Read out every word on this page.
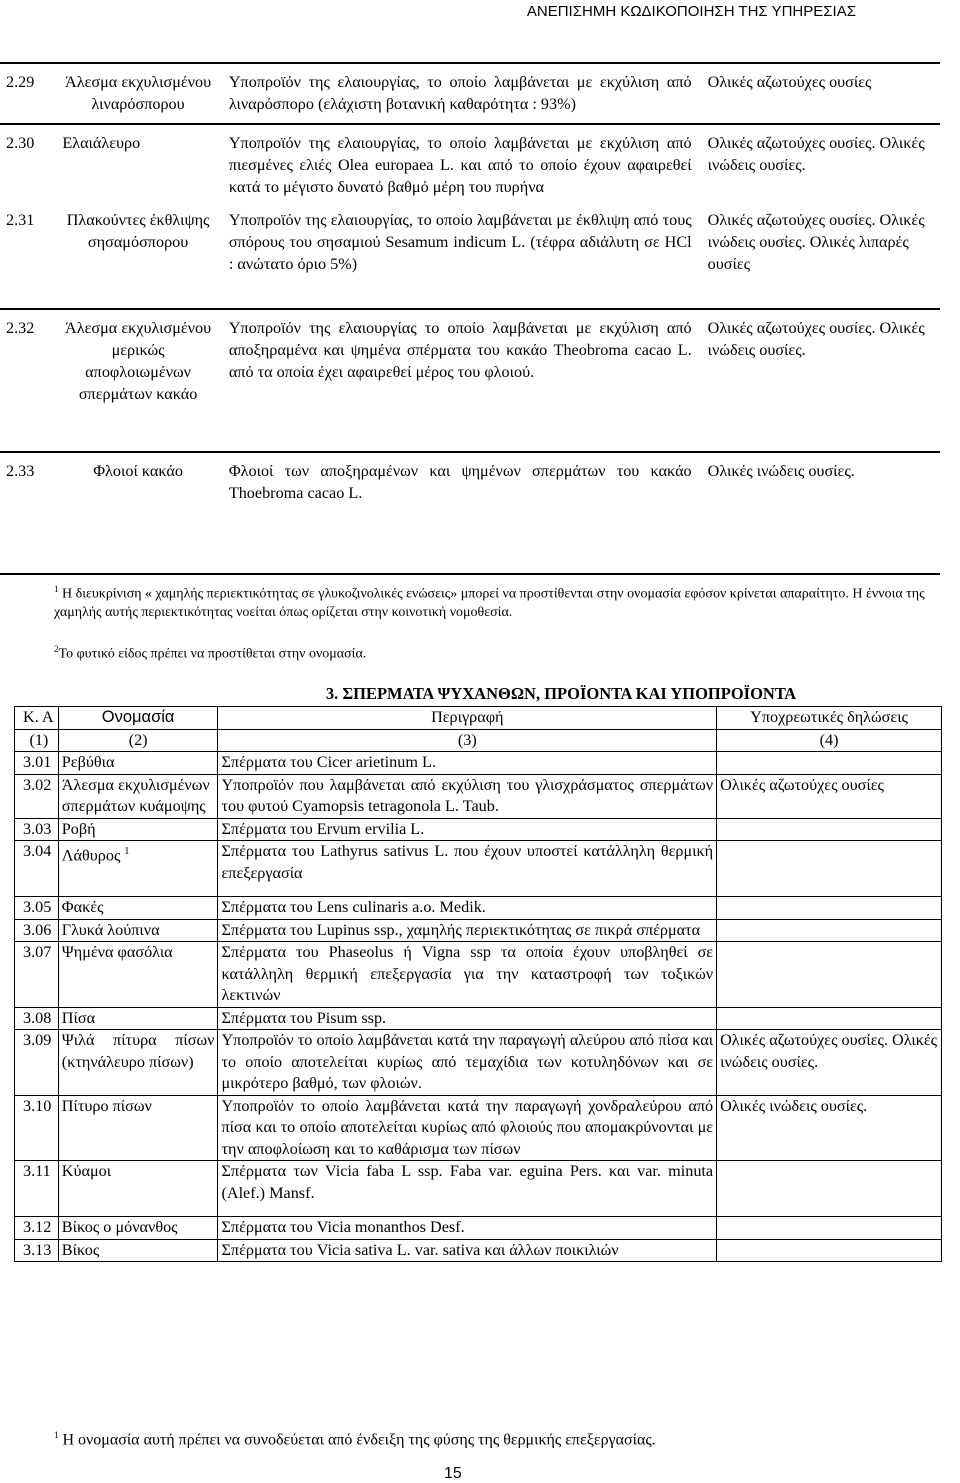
ΑΝΕΠΙΣΗΜΗ ΚΩΔΙΚΟΠΟΙΗΣΗ ΤΗΣ ΥΠΗΡΕΣΙΑΣ
2.29	Άλεσμα εκχυλισμένου λιναρόσπορου	Υποπροϊόν της ελαιουργίας, το οποίο λαμβάνεται με εκχύλιση από λιναρόσπορο (ελάχιστη βοτανική καθαρότητα : 93%)	Ολικές αζωτούχες ουσίες
2.30	Ελαιάλευρο	Υποπροϊόν της ελαιουργίας, το οποίο λαμβάνεται με εκχύλιση από πιεσμένες ελιές Olea europaea L. και από το οποίο έχουν αφαιρεθεί κατά το μέγιστο δυνατό βαθμό μέρη του πυρήνα	Ολικές αζωτούχες ουσίες. Ολικές ινώδεις ουσίες.
2.31	Πλακούντες έκθλιψης σησαμόσπορου	Υποπροϊόν της ελαιουργίας, το οποίο λαμβάνεται με έκθλιψη από τους σπόρους του σησαμιού Sesamum indicum L. (τέφρα αδιάλυτη σε HCl : ανώτατο όριο 5%)	Ολικές αζωτούχες ουσίες. Ολικές ινώδεις ουσίες. Ολικές λιπαρές ουσίες

2.32	Άλεσμα εκχυλισμένου μερικώς αποφλοιωμένων σπερμάτων κακάο	Υποπροϊόν της ελαιουργίας το οποίο λαμβάνεται με εκχύλιση από αποξηραμένα και ψημένα σπέρματα του κακάο Theobroma cacao L. από τα οποία έχει αφαιρεθεί μέρος του φλοιού.	Ολικές αζωτούχες ουσίες. Ολικές ινώδεις ουσίες.

2.33	Φλοιοί κακάο	Φλοιοί των αποξηραμένων και ψημένων σπερμάτων του κακάο Thoebroma cacao L.	Ολικές ινώδεις ουσίες.
$^1$ Η διευκρίνιση « χαμηλής περιεκτικότητας σε γλυκοζινολικές ενώσεις» μπορεί να προστίθενται στην ονομασία εφόσον κρίνεται απαραίτητο. Η έννοια της χαμηλής αυτής περιεκτικότητας νοείται όπως ορίζεται στην κοινοτική νομοθεσία.
$^2$Το φυτικό είδος πρέπει να προστίθεται στην ονομασία.
3. ΣΠΕΡΜΑΤΑ ΨΥΧΑΝΘΩΝ, ΠΡΟΪΟΝΤΑ ΚΑΙ ΥΠΟΠΡΟΪΟΝΤΑ
Κ. Α	Ονομασία	Περιγραφή	Υποχρεωτικές δηλώσεις
(1)	(2)	(3)	(4)
3.01	Ρεβύθια	Σπέρματα του Cicer arietinum L.	
3.02	Άλεσμα εκχυλισμένων σπερμάτων κυάμοψης	Υποπροϊόν που λαμβάνεται από εκχύλιση του γλισχράσματος σπερμάτων του φυτού Cyamopsis tetragonola L. Taub.	Ολικές αζωτούχες ουσίες
3.03	Ροβή	Σπέρματα του Ervum ervilia L.	
3.04	Λάθυρος $^1$	Σπέρματα του Lathyrus sativus L. που έχουν υποστεί κατάλληλη θερμική επεξεργασία	
3.05	Φακές	Σπέρματα του Lens culinaris a.o. Medik.	
3.06	Γλυκά λούπινα	Σπέρματα του Lupinus ssp., χαμηλής περιεκτικότητας σε πικρά σπέρματα	
3.07	Ψημένα φασόλια	Σπέρματα του Phaseolus ή Vigna ssp τα οποία έχουν υποβληθεί σε κατάλληλη θερμική επεξεργασία για την καταστροφή των τοξικών λεκτινών	
3.08	Πίσα	Σπέρματα του Pisum ssp.	
3.09	Ψιλά πίτυρα πίσων (κτηνάλευρο πίσων)	Υποπροϊόν το οποίο λαμβάνεται κατά την παραγωγή αλεύρου από πίσα και το οποίο αποτελείται κυρίως από τεμαχίδια των κοτυληδόνων και σε μικρότερο βαθμό, των φλοιών.	Ολικές αζωτούχες ουσίες. Ολικές ινώδεις ουσίες.
3.10	Πίτυρο πίσων	Υποπροϊόν το οποίο λαμβάνεται κατά την παραγωγή χονδραλεύρου από πίσα και το οποίο αποτελείται κυρίως από φλοιούς που απομακρύνονται με την αποφλοίωση και το καθάρισμα των πίσων	Ολικές ινώδεις ουσίες.
3.11	Κύαμοι	Σπέρματα των Vicia faba L ssp. Faba var. eguina Pers. και var. minuta (Alef.) Mansf.	
3.12	Βίκος ο μόνανθος	Σπέρματα του Vicia monanthos Desf.	
3.13	Βίκος	Σπέρματα του Vicia sativa L. var. sativa και άλλων ποικιλιών	
$^1$ Η ονομασία αυτή πρέπει να συνοδεύεται από ένδειξη της φύσης της θερμικής επεξεργασίας.
15
